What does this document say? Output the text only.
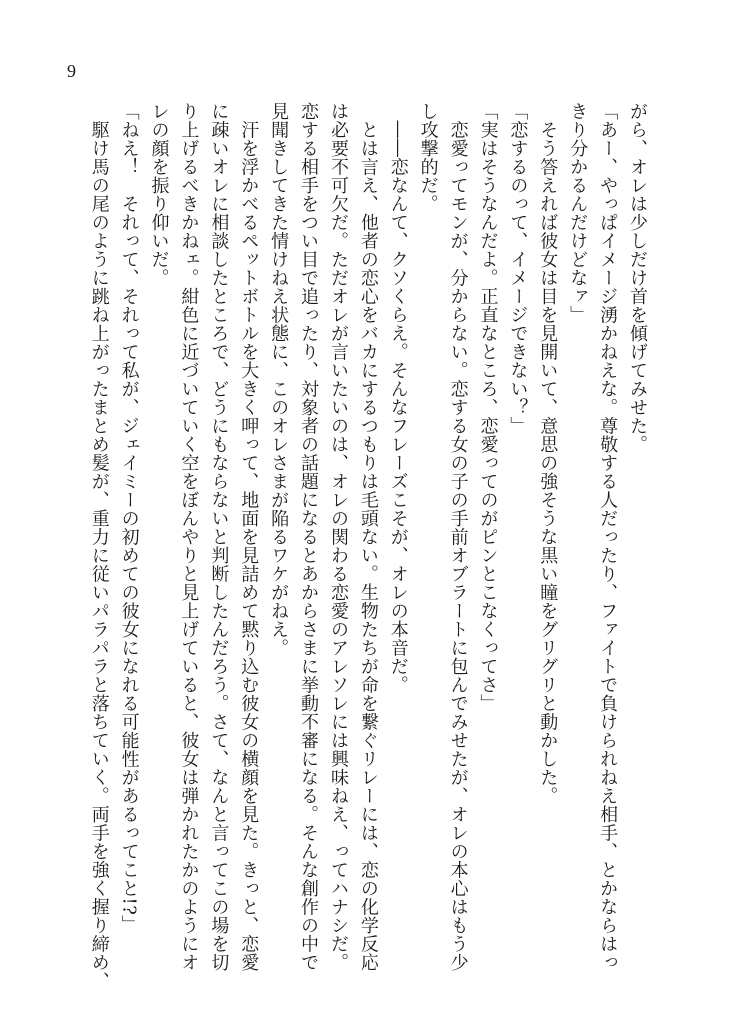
9
がら、オレは少しだけ首を傾げてみせた。
「あー、やっぱイメージ湧かねえな。尊敬する人だったり、ファイトで負けられねえ相手、とかならはっ
きり分かるんだけどなァ」
　そう答えれば彼女は目を見開いて、意思の強そうな黒い瞳をグリグリと動かした。
「恋するのって、イメージできない？」
「実はそうなんだよ。正直なところ、恋愛ってのがピンとこなくってさ」
　恋愛ってモンが、分からない。恋する女の子の手前オブラートに包んでみせたが、オレの本心はもう少
し攻撃的だ。
　――恋なんて、クソくらえ。そんなフレーズこそが、オレの本音だ。
　とは言え、他者の恋心をバカにするつもりは毛頭ない。生物たちが命を繋ぐリレーには、恋の化学反応
は必要不可欠だ。ただオレが言いたいのは、オレの関わる恋愛のアレソレには興味ねえ、ってハナシだ。
恋する相手をつい目で追ったり、対象者の話題になるとあからさまに挙動不審になる。そんな創作の中で
見聞きしてきた情けねえ状態に、このオレさまが陥るワケがねえ。
　汗を浮かべるペットボトルを大きく呷って、地面を見詰めて黙り込む彼女の横顔を見た。きっと、恋愛
に疎いオレに相談したところで、どうにもならないと判断したんだろう。さて、なんと言ってこの場を切
り上げるべきかねェ。紺色に近づいていく空をぼんやりと見上げていると、彼女は弾かれたかのようにオ
レの顔を振り仰いだ。
「ねえ！　それって、それって私が、ジェイミーの初めての彼女になれる可能性があるってこと!?」
　駆け馬の尾のように跳ね上がったまとめ髪が、重力に従いパラパラと落ちていく。両手を強く握り締め、
